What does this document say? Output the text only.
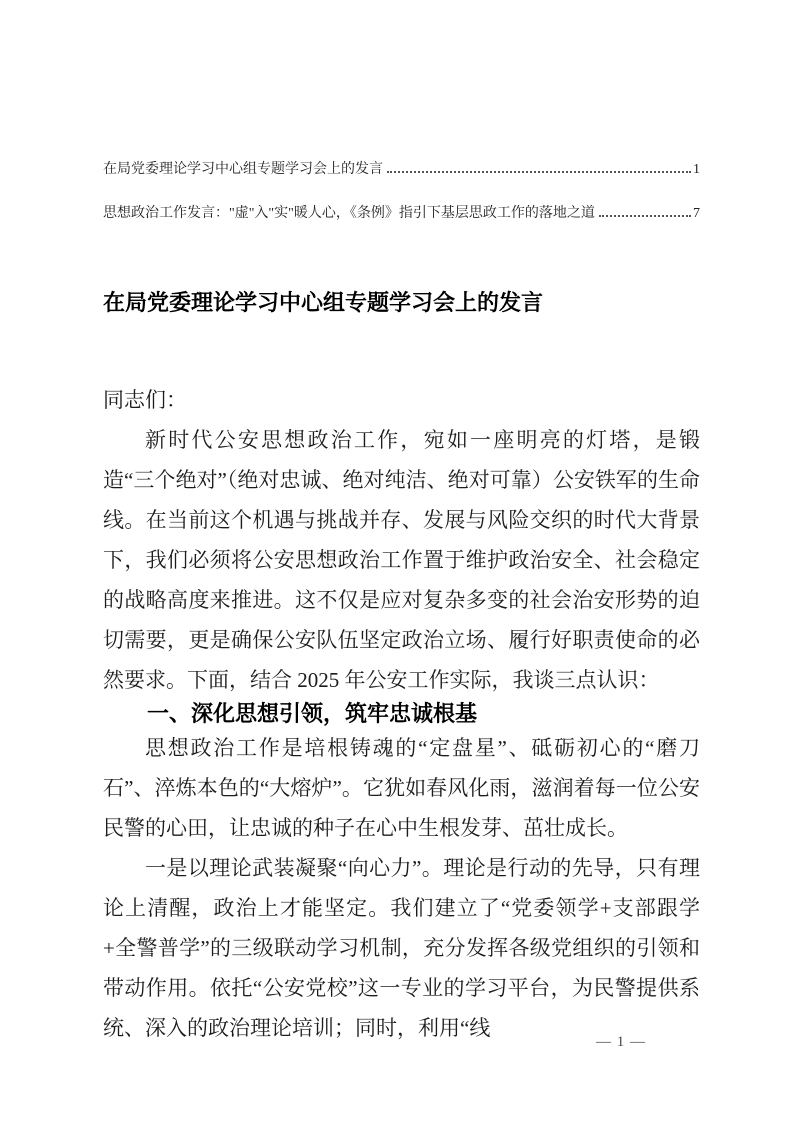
在局党委理论学习中心组专题学习会上的发言	1
思想政治工作发言："虚"入"实"暖人心，《条例》指引下基层思政工作的落地之道	7
在局党委理论学习中心组专题学习会上的发言

同志们：

新时代公安思想政治工作，宛如一座明亮的灯塔，是锻造“三个绝对”（绝对忠诚、绝对纯洁、绝对可靠）公安铁军的生命线。在当前这个机遇与挑战并存、发展与风险交织的时代大背景下，我们必须将公安思想政治工作置于维护政治安全、社会稳定的战略高度来推进。这不仅是应对复杂多变的社会治安形势的迫切需要，更是确保公安队伍坚定政治立场、履行好职责使命的必然要求。下面，结合 2025 年公安工作实际，我谈三点认识：

一、深化思想引领，筑牢忠诚根基

思想政治工作是培根铸魂的“定盘星”、砥砺初心的“磨刀石”、淬炼本色的“大熔炉”。它犹如春风化雨，滋润着每一位公安民警的心田，让忠诚的种子在心中生根发芽、茁壮成长。

一是以理论武装凝聚“向心力”。理论是行动的先导，只有理论上清醒，政治上才能坚定。我们建立了“党委领学+支部跟学+全警普学”的三级联动学习机制，充分发挥各级党组织的引领和带动作用。依托“公安党校”这一专业的学习平台，为民警提供系统、深入的政治理论培训；同时，利用“线

— 1 —
